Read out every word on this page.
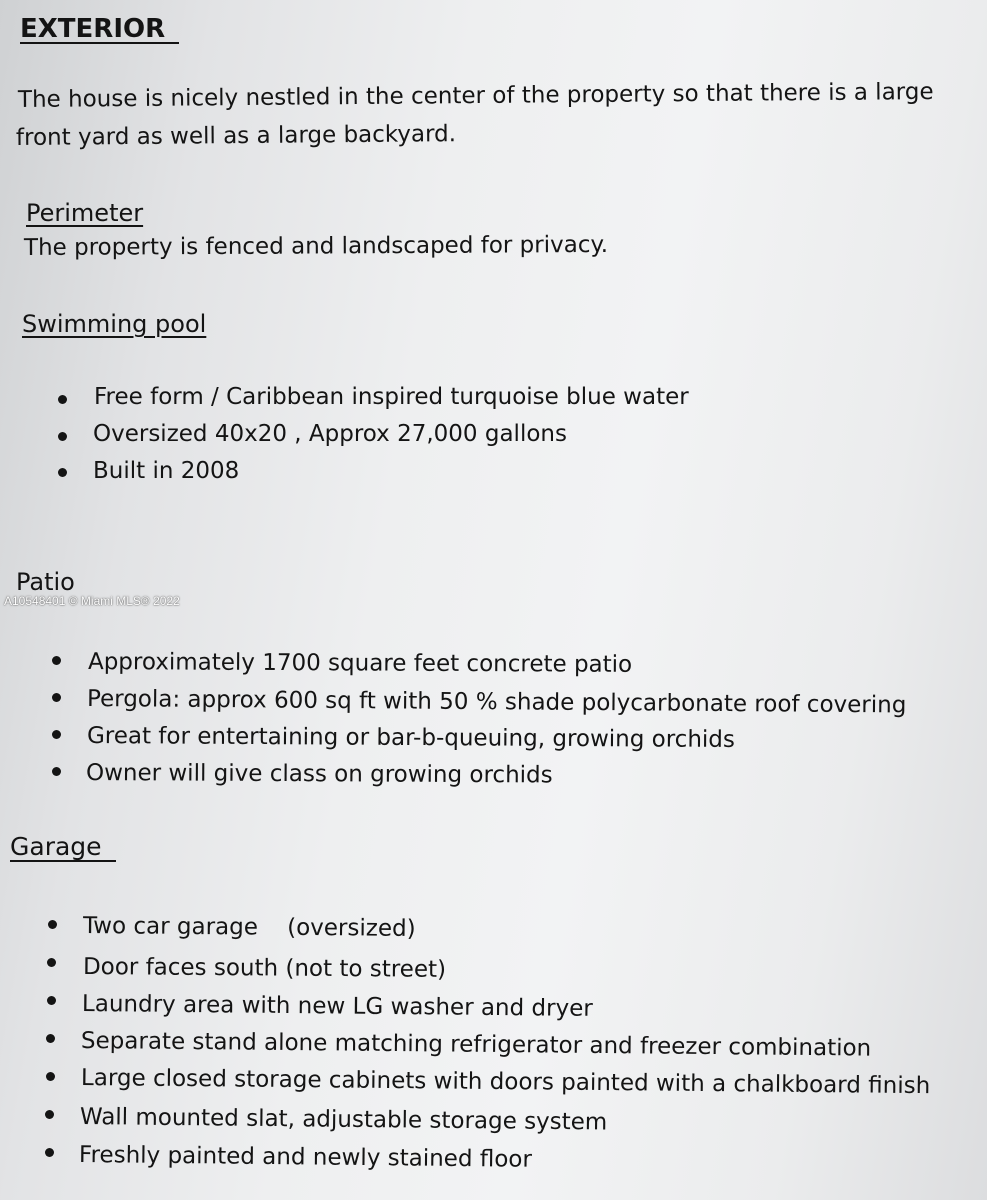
EXTERIOR
The house is nicely nestled in the center of the property so that there is a large
front yard as well as a large backyard.
Perimeter
The property is fenced and landscaped for privacy.
Swimming pool
Free form / Caribbean inspired turquoise blue water
Oversized 40x20 , Approx 27,000 gallons
Built in 2008
Patio
A10548401 © Miami MLS® 2022
Approximately 1700 square feet concrete patio
Pergola: approx 600 sq ft with 50 % shade polycarbonate roof covering
Great for entertaining or bar-b-queuing, growing orchids
Owner will give class on growing orchids
Garage
Two car garage    (oversized)
Door faces south (not to street)
Laundry area with new LG washer and dryer
Separate stand alone matching refrigerator and freezer combination
Large closed storage cabinets with doors painted with a chalkboard finish
Wall mounted slat, adjustable storage system
Freshly painted and newly stained floor
